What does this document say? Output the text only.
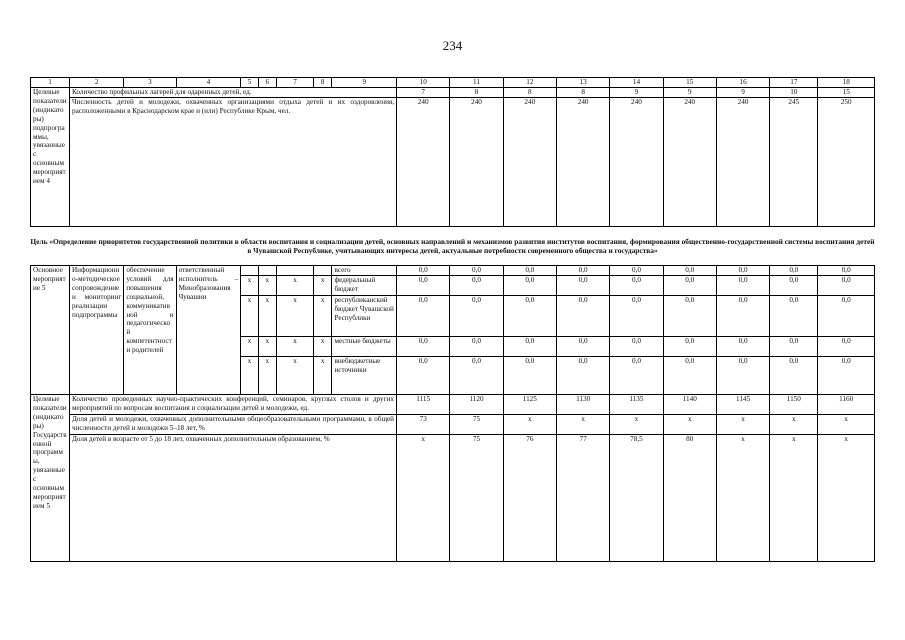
234
1	2	3	4	5	6	7	8	9	10	11	12	13	14	15	16	17	18
Целевые показатели (индикаторы) подпрограммы, увязанные с основным мероприятием 4	Количество профильных лагерей для одаренных детей, ед.								7	8	8	8	9	9	9	10	15
	Численность детей и молодежи, охваченных организациями отдыха детей и их оздоровления, расположенными в Краснодарском крае и (или) Республике Крым, чел.								240	240	240	240	240	240	240	245	250
Цель «Определение приоритетов государственной политики в области воспитания и социализации детей, основных направлений и механизмов развития институтов воспитания, формирования общественно-государственной системы воспитания детей в Чувашской Республике, учитывающих интересы детей, актуальные потребности современного общества и государства»
Основное мероприятие 5	Информационно-методическое сопровождение и мониторинг реализации подпрограммы	обеспечение условий для повышения социальной, коммуникативной и педагогической компетентности родителей	ответственный исполнитель – Минобразования Чувашии					всего	0,0	0,0	0,0	0,0	0,0	0,0	0,0	0,0	0,0
				x	x	x	x	федеральный бюджет	0,0	0,0	0,0	0,0	0,0	0,0	0,0	0,0	0,0
				x	x	x	x	республиканский бюджет Чувашской Республики	0,0	0,0	0,0	0,0	0,0	0,0	0,0	0,0	0,0
				x	x	x	x	местные бюджеты	0,0	0,0	0,0	0,0	0,0	0,0	0,0	0,0	0,0
				x	x	x	x	внебюджетные источники	0,0	0,0	0,0	0,0	0,0	0,0	0,0	0,0	0,0
Целевые показатели (индикаторы) Государственной программы, увязанные с основным мероприятием 5	Количество проведенных научно-практических конференций, семинаров, круглых столов и других мероприятий по вопросам воспитания и социализации детей и молодежи, ед.								1115	1120	1125	1130	1135	1140	1145	1150	1160
	Доля детей и молодежи, охваченных дополнительными общеобразовательными программами, в общей численности детей и молодежи 5–18 лет, %								73	75	x	x	x	x	x	x	x
	Доля детей в возрасте от 5 до 18 лет, охваченных дополнительным образованием, %								x	75	76	77	78,5	80	x	x	x
